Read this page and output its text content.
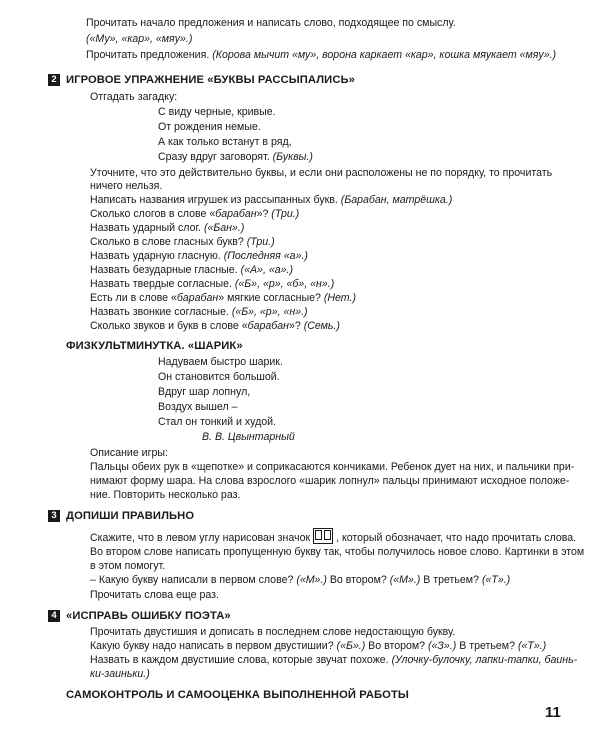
Прочитать начало предложения и написать слово, подходящее по смыслу.
(«Му», «кар», «мяу».)
Прочитать предложения. (Корова мычит «му», ворона каркает «кар», кошка мяукает «мяу».)
2 ИГРОВОЕ УПРАЖНЕНИЕ «БУКВЫ РАССЫПАЛИСЬ»
Отгадать загадку:
С виду черные, кривые.
От рождения немые.
А как только встанут в ряд,
Сразу вдруг заговорят. (Буквы.)
Уточните, что это действительно буквы, и если они расположены не по порядку, то прочитать
ничего нельзя.
Написать названия игрушек из рассыпанных букв. (Барабан, матрёшка.)
Сколько слогов в слове «барабан»? (Три.)
Назвать ударный слог. («Бан».)
Сколько в слове гласных букв? (Три.)
Назвать ударную гласную. (Последняя «а».)
Назвать безударные гласные. («А», «а».)
Назвать твердые согласные. («Б», «р», «б», «н».)
Есть ли в слове «барабан» мягкие согласные? (Нет.)
Назвать звонкие согласные. («Б», «р», «н».)
Сколько звуков и букв в слове «барабан»? (Семь.)
ФИЗКУЛЬТМИНУТКА. «ШАРИК»
Надуваем быстро шарик.
Он становится большой.
Вдруг шар лопнул,
Воздух вышел –
Стал он тонкий и худой.
В. В. Цвынтарный
Описание игры:
Пальцы обеих рук в «щепотке» и соприкасаются кончиками. Ребенок дует на них, и пальчики при-
нимают форму шара. На слова взрослого «шарик лопнул» пальцы принимают исходное положе-
ние. Повторить несколько раз.
3 ДОПИШИ ПРАВИЛЬНО
Скажите, что в левом углу нарисован значок , который обозначает, что надо прочитать слова.
Во втором слове написать пропущенную букву так, чтобы получилось новое слово. Картинки в этом
в этом помогут.
– Какую букву написали в первом слове? («М».) Во втором? («М».) В третьем? («Т».)
Прочитать слова еще раз.
4 «ИСПРАВЬ ОШИБКУ ПОЭТА»
Прочитать двустишия и дописать в последнем слове недостающую букву.
Какую букву надо написать в первом двустишии? («Б».) Во втором? («З».) В третьем? («Т».)
Назвать в каждом двустишие слова, которые звучат похоже. (Улочку-булочку, лапки-тапки, баинь-
ки-заиньки.)
САМОКОНТРОЛЬ И САМООЦЕНКА ВЫПОЛНЕННОЙ РАБОТЫ
11
